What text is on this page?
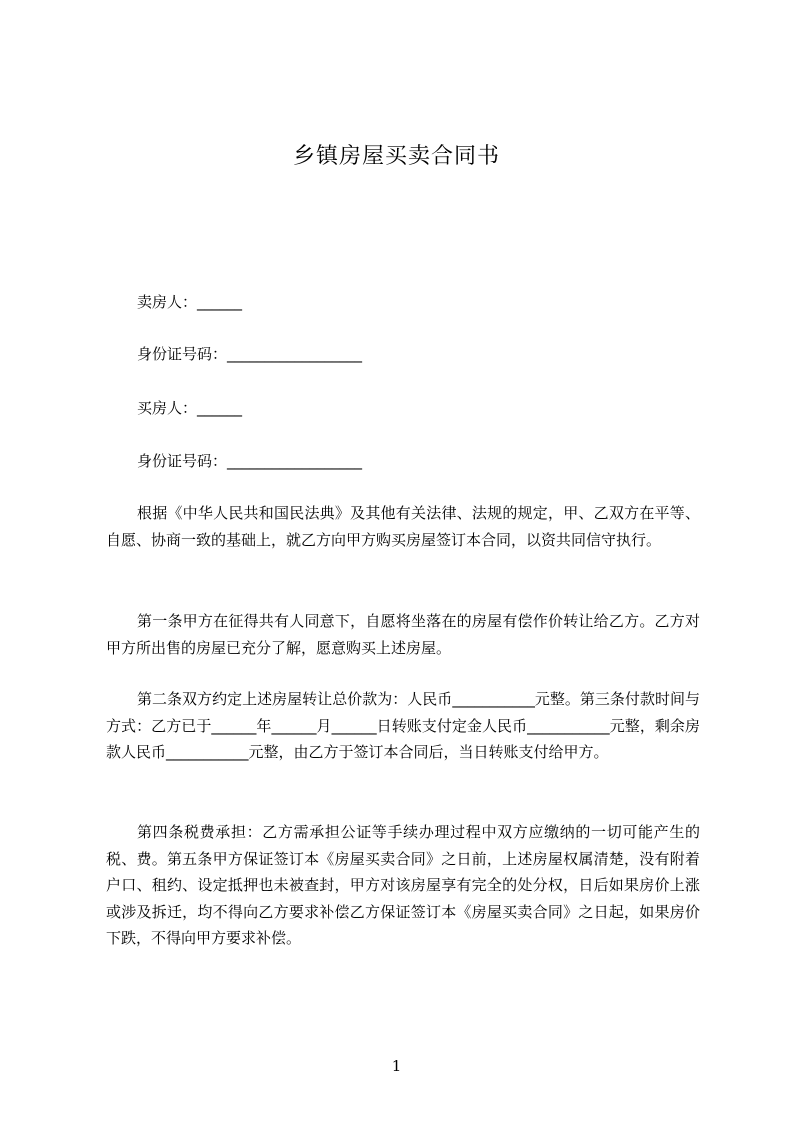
乡镇房屋买卖合同书
卖房人：______
身份证号码：__________________
买房人：______
身份证号码：__________________

根据《中华人民共和国民法典》及其他有关法律、法规的规定，甲、乙双方在平等、自愿、协商一致的基础上，就乙方向甲方购买房屋签订本合同，以资共同信守执行。

第一条甲方在征得共有人同意下，自愿将坐落在的房屋有偿作价转让给乙方。乙方对甲方所出售的房屋已充分了解，愿意购买上述房屋。

第二条双方约定上述房屋转让总价款为：人民币___________元整。第三条付款时间与方式：乙方已于______年______月______日转账支付定金人民币___________元整，剩余房款人民币___________元整，由乙方于签订本合同后，当日转账支付给甲方。

第四条税费承担：乙方需承担公证等手续办理过程中双方应缴纳的一切可能产生的税、费。第五条甲方保证签订本《房屋买卖合同》之日前，上述房屋权属清楚，没有附着户口、租约、设定抵押也未被查封，甲方对该房屋享有完全的处分权，日后如果房价上涨或涉及拆迁，均不得向乙方要求补偿乙方保证签订本《房屋买卖合同》之日起，如果房价下跌，不得向甲方要求补偿。

1
